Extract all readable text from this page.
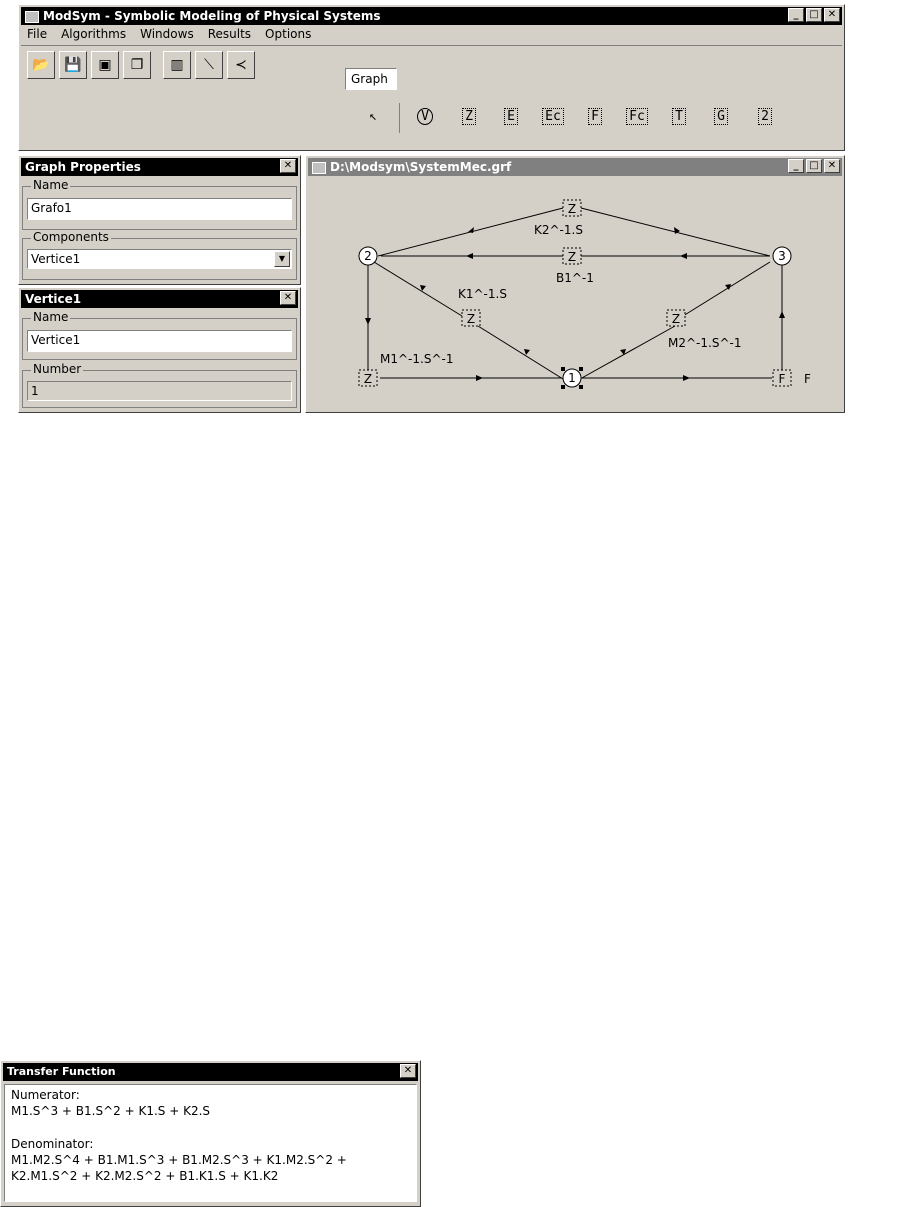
ModSym - Symbolic Modeling of Physical Systems	_	□ ✕
File Algorithms Windows Results Options
📂	💾	▣	❐	▥	⟍	≺
Graph
↖	V	Z	E	Ec	F	Fc	T	G	2
Graph Properties	✕
Name
Grafo1
Components
Vertice1	▼
Vertice1	✕
Name
Vertice1
Number
1
D:\Modsym\SystemMec.grf	_	□ ✕
2	3
1
Z
Z
Z	Z
Z	F
K2^-1.S
B1^-1
K1^-1.S
M2^-1.S^-1
M1^-1.S^-1
F
Transfer Function	✕
Numerator:
M1.S^3 + B1.S^2 + K1.S + K2.S
Denominator:
M1.M2.S^4 + B1.M1.S^3 + B1.M2.S^3 + K1.M2.S^2 +
K2.M1.S^2 + K2.M2.S^2 + B1.K1.S + K1.K2
